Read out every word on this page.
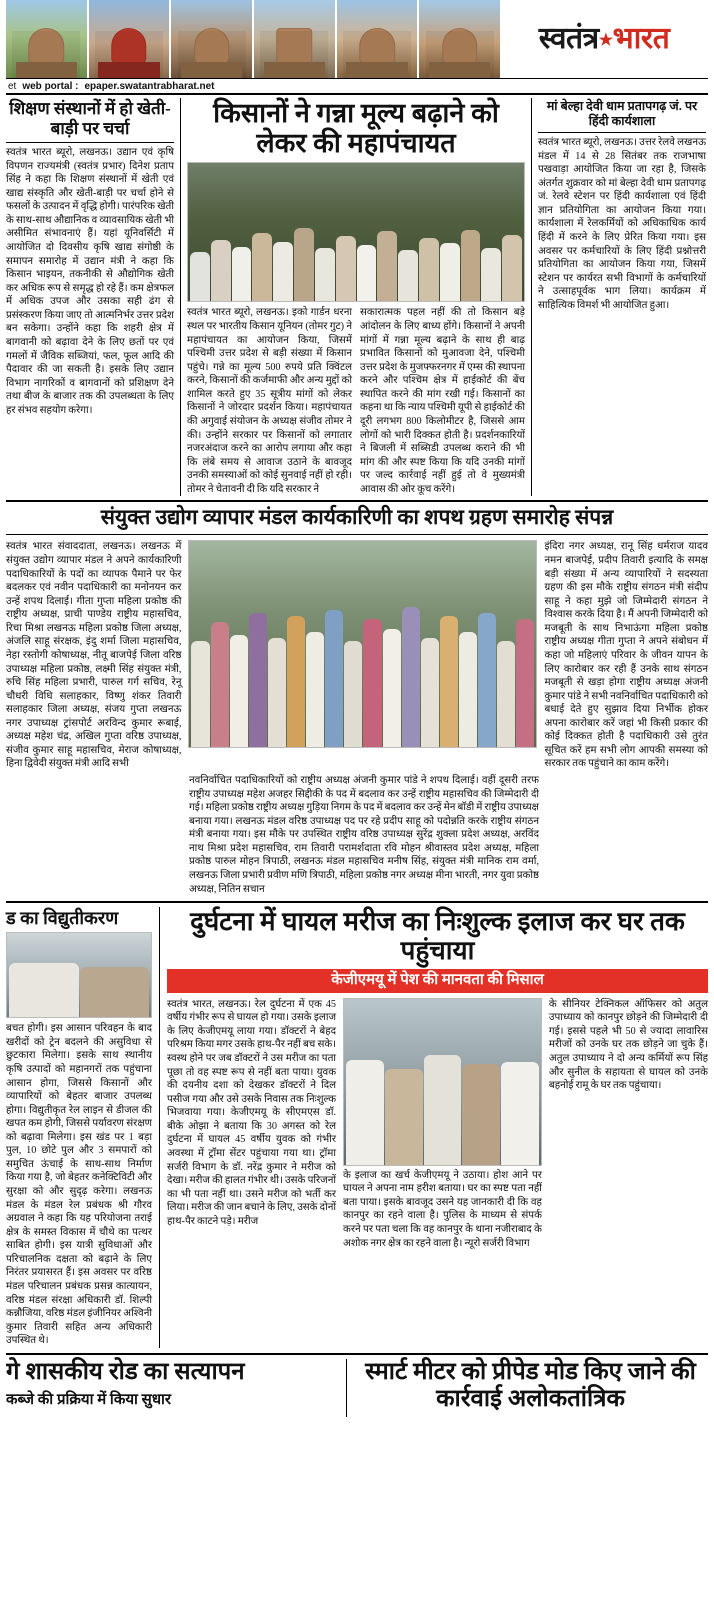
स्वतंत्र★भारत
et web portal : epaper.swatantrabharat.net
शिक्षण संस्थानों में हो खेती-बाड़ी पर चर्चा
स्वतंत्र भारत ब्यूरो, लखनऊ। उद्यान एवं कृषि विपणन राज्यमंत्री (स्वतंत्र प्रभार) दिनेश प्रताप सिंह ने कहा कि शिक्षण संस्थानों में खेती एवं खाद्य संस्कृति और खेती-बाड़ी पर चर्चा होने से फसलों के उत्पादन में वृद्धि होगी। पारंपरिक खेती के साथ-साथ औद्यानिक व व्यावसायिक खेती भी असीमित संभावनाएं हैं। यहां यूनिवर्सिटी में आयोजित दो दिवसीय कृषि खाद्य संगोष्ठी के समापन समारोह में उद्यान मंत्री ने कहा कि किसान भाइयन, तकनीकी से औद्योगिक खेती कर अधिक रूप से समृद्ध हो रहे हैं। कम क्षेत्रफल में अधिक उपज और उसका सही ढंग से प्रसंस्करण किया जाए तो आत्मनिर्भर उत्तर प्रदेश बन सकेगा। उन्होंने कहा कि शहरी क्षेत्र में बागवानी को बढ़ावा देने के लिए छतों पर एवं गमलों में जैविक सब्जियां, फल, फूल आदि की पैदावार की जा सकती है। इसके लिए उद्यान विभाग नागरिकों व बागवानों को प्रशिक्षण देने तथा बीज के बाजार तक की उपलब्धता के लिए हर संभव सहयोग करेगा।
किसानों ने गन्ना मूल्य बढ़ाने को लेकर की महापंचायत
स्वतंत्र भारत ब्यूरो, लखनऊ। इको गार्डन धरना स्थल पर भारतीय किसान यूनियन (तोमर गुट) ने महापंचायत का आयोजन किया, जिसमें पश्चिमी उत्तर प्रदेश से बड़ी संख्या में किसान पहुंचे। गन्ने का मूल्य 500 रुपये प्रति क्विंटल करने, किसानों की कर्जमाफी और अन्य मुद्दों को शामिल करते हुए 35 सूत्रीय मांगों को लेकर किसानों ने जोरदार प्रदर्शन किया। महापंचायत की अगुवाई संयोजन के अध्यक्ष संजीव तोमर ने की। उन्होंने सरकार पर किसानों को लगातार नजरअंदाज करने का आरोप लगाया और कहा कि लंबे समय से आवाज उठाने के बावजूद उनकी समस्याओं को कोई सुनवाई नहीं हो रही। तोमर ने चेतावनी दी कि यदि सरकार ने
सकारात्मक पहल नहीं की तो किसान बड़े आंदोलन के लिए बाध्य होंगे। किसानों ने अपनी मांगों में गन्ना मूल्य बढ़ाने के साथ ही बाढ़ प्रभावित किसानों को मुआवजा देने, पश्चिमी उत्तर प्रदेश के मुजफ्फरनगर में एम्स की स्थापना करने और पश्चिम क्षेत्र में हाईकोर्ट की बेंच स्थापित करने की मांग रखी गई। किसानों का कहना था कि न्याय पश्चिमी यूपी से हाईकोर्ट की दूरी लगभग 800 किलोमीटर है, जिससे आम लोगों को भारी दिक्कत होती है। प्रदर्शनकारियों ने बिजली में सब्सिडी उपलब्ध कराने की भी मांग की और स्पष्ट किया कि यदि उनकी मांगों पर जल्द कार्रवाई नहीं हुई तो वे मुख्यमंत्री आवास की ओर कूच करेंगे।
मां बेल्हा देवी धाम प्रतापगढ़ जं. पर हिंदी कार्यशाला
स्वतंत्र भारत ब्यूरो, लखनऊ। उत्तर रेलवे लखनऊ मंडल में 14 से 28 सितंबर तक राजभाषा पखवाड़ा आयोजित किया जा रहा है, जिसके अंतर्गत शुक्रवार को मां बेल्हा देवी धाम प्रतापगढ़ जं. रेलवे स्टेशन पर हिंदी कार्यशाला एवं हिंदी ज्ञान प्रतियोगिता का आयोजन किया गया। कार्यशाला में रेलकर्मियों को अधिकाधिक कार्य हिंदी में करने के लिए प्रेरित किया गया। इस अवसर पर कर्मचारियों के लिए हिंदी प्रश्नोत्तरी प्रतियोगिता का आयोजन किया गया, जिसमें स्टेशन पर कार्यरत सभी विभागों के कर्मचारियों ने उत्साहपूर्वक भाग लिया। कार्यक्रम में साहित्यिक विमर्श भी आयोजित हुआ।
संयुक्त उद्योग व्यापार मंडल कार्यकारिणी का शपथ ग्रहण समारोह संपन्न
स्वतंत्र भारत संवाददाता, लखनऊ। लखनऊ में संयुक्त उद्योग व्यापार मंडल ने अपने कार्यकारिणी पदाधिकारियों के पदों का व्यापक पैमाने पर फेर बदलकर एवं नवीन पदाधिकारी का मनोनयन कर उन्हें शपथ दिलाई। गीता गुप्ता महिला प्रकोष्ठ की राष्ट्रीय अध्यक्ष, प्राची पाण्डेय राष्ट्रीय महासचिव, रिचा मिश्रा लखनऊ महिला प्रकोष्ठ जिला अध्यक्ष, अंजलि साहू संरक्षक, इंदु शर्मा जिला महासचिव, नेहा रस्तोगी कोषाध्यक्ष, नीतू बाजपेई जिला वरिष्ठ उपाध्यक्ष महिला प्रकोष्ठ, लक्ष्मी सिंह संयुक्त मंत्री, रुचि सिंह महिला प्रभारी, पारुल गर्ग सचिव, रेनू चौधरी विधि सलाहकार, विष्णु शंकर तिवारी सलाहकार जिला अध्यक्ष, संजय गुप्ता लखनऊ नगर उपाध्यक्ष ट्रांसपोर्ट अरविन्द कुमार रूबाई, अध्यक्ष महेश चंद्र, अखिल गुप्ता वरिष्ठ उपाध्यक्ष, संजीव कुमार साहू महासचिव, मेराज कोषाध्यक्ष, हिना द्विवेदी संयुक्त मंत्री आदि सभी
इंदिरा नगर अध्यक्ष, रानू सिंह धर्मराज यादव नमन बाजपेई, प्रदीप तिवारी इत्यादि के समक्ष बड़ी संख्या में अन्य व्यापारियों ने सदस्यता ग्रहण की इस मौके राष्ट्रीय संगठन मंत्री संदीप साहू ने कहा मुझे जो जिम्मेदारी संगठन ने विश्वास करके दिया है। मैं अपनी जिम्मेदारी को मजबूती के साथ निभाऊंगा महिला प्रकोष्ठ राष्ट्रीय अध्यक्ष गीता गुप्ता ने अपने संबोधन में कहा जो महिलाएं परिवार के जीवन यापन के लिए कारोबार कर रही हैं उनके साथ संगठन मजबूती से खड़ा होगा राष्ट्रीय अध्यक्ष अंजनी कुमार पांडे ने सभी नवनिर्वाचित पदाधिकारी को बधाई देते हुए सुझाव दिया निर्भीक होकर अपना कारोबार करें जहां भी किसी प्रकार की कोई दिक्कत होती है पदाधिकारी उसे तुरंत सूचित करें हम सभी लोग आपकी समस्या को सरकार तक पहुंचाने का काम करेंगे।
नवनिर्वाचित पदाधिकारियों को राष्ट्रीय अध्यक्ष अंजनी कुमार पांडे ने शपथ दिलाई। वहीं दूसरी तरफ राष्ट्रीय उपाध्यक्ष महेश अजहर सिद्दीकी के पद में बदलाव कर उन्हें राष्ट्रीय महासचिव की जिम्मेदारी दी गई। महिला प्रकोष्ठ राष्ट्रीय अध्यक्ष गुड़िया निगम के पद में बदलाव कर उन्हें मेन बॉडी में राष्ट्रीय उपाध्यक्ष बनाया गया। लखनऊ मंडल वरिष्ठ उपाध्यक्ष पद पर रहे प्रदीप साहू को पदोन्नति करके राष्ट्रीय संगठन मंत्री बनाया गया। इस मौके पर उपस्थित राष्ट्रीय वरिष्ठ उपाध्यक्ष सुरेंद्र शुक्ला प्रदेश अध्यक्ष, अरविंद नाथ मिश्रा प्रदेश महासचिव, राम तिवारी परामर्शदाता रवि मोहन श्रीवास्तव प्रदेश अध्यक्ष, महिला प्रकोष्ठ पारुल मोहन त्रिपाठी, लखनऊ मंडल महासचिव मनीष सिंह, संयुक्त मंत्री मानिक राम वर्मा, लखनऊ जिला प्रभारी प्रवीण मणि त्रिपाठी, महिला प्रकोष्ठ नगर अध्यक्ष मीना भारती, नगर युवा प्रकोष्ठ अध्यक्ष, नितिन सचान
ड का विद्युतीकरण
बचत होगी। इस आसान परिवहन के बाद खरीदों को ट्रेन बदलने की असुविधा से छुटकारा मिलेगा। इसके साथ स्थानीय कृषि उत्पादों को महानगरों तक पहुंचाना आसान होगा, जिससे किसानों और व्यापारियों को बेहतर बाजार उपलब्ध होगा। विद्युतीकृत रेल लाइन से डीजल की खपत कम होगी, जिससे पर्यावरण संरक्षण को बढ़ावा मिलेगा। इस खंड पर 1 बड़ा पुल, 10 छोटे पुल और 3 समपारों को समुचित ऊंचाई के साथ-साथ निर्माण किया गया है, जो बेहतर कनेक्टिविटी और सुरक्षा को और सुदृढ़ करेगा। लखनऊ मंडल के मंडल रेल प्रबंधक श्री गौरव अग्रवाल ने कहा कि यह परियोजना तराई क्षेत्र के समस्त विकास में चौथे का पत्थर साबित होगी। इस यात्री सुविधाओं और परिचालनिक दक्षता को बढ़ाने के लिए निरंतर प्रयासरत हैं। इस अवसर पर वरिष्ठ मंडल परिचालन प्रबंधक प्रसन्न कात्यायन, वरिष्ठ मंडल संरक्षा अधिकारी डॉ. शिल्पी कन्नौजिया, वरिष्ठ मंडल इंजीनियर अश्विनी कुमार तिवारी सहित अन्य अधिकारी उपस्थित थे।
दुर्घटना में घायल मरीज का निःशुल्क इलाज कर घर तक पहुंचाया
केजीएमयू में पेश की मानवता की मिसाल
स्वतंत्र भारत, लखनऊ। रेल दुर्घटना में एक 45 वर्षीय गंभीर रूप से घायल हो गया। उसके इलाज के लिए केजीएमयू लाया गया। डॉक्टरों ने बेहद परिश्रम किया मगर उसके हाथ-पैर नहीं बच सके। स्वस्थ होने पर जब डॉक्टरों ने उस मरीज का पता पूछा तो वह स्पष्ट रूप से नहीं बता पाया। युवक की दयनीय दशा को देखकर डॉक्टरों ने दिल पसीज गया और उसे उसके निवास तक निःशुल्क भिजवाया गया। केजीएमयू के सीएमएस डॉ. बीके ओझा ने बताया कि 30 अगस्त को रेल दुर्घटना में घायल 45 वर्षीय युवक को गंभीर अवस्था में ट्रॉमा सेंटर पहुंचाया गया था। ट्रॉमा सर्जरी विभाग के डॉ. नरेंद्र कुमार ने मरीज को देखा। मरीज की हालत गंभीर थी। उसके परिजनों का भी पता नहीं था। उसने मरीज को भर्ती कर लिया। मरीज की जान बचाने के लिए, उसके दोनों हाथ-पैर काटने पड़े। मरीज
के इलाज का खर्च केजीएमयू ने उठाया। होश आने पर घायल ने अपना नाम हरीश बताया। घर का स्पष्ट पता नहीं बता पाया। इसके बावजूद उसने यह जानकारी दी कि वह कानपुर का रहने वाला है। पुलिस के माध्यम से संपर्क करने पर पता चला कि वह कानपुर के थाना नजीराबाद के अशोक नगर क्षेत्र का रहने वाला है। न्यूरो सर्जरी विभाग
के सीनियर टेक्निकल ऑफिसर को अतुल उपाध्याय को कानपुर छोड़ने की जिम्मेदारी दी गई। इससे पहले भी 50 से ज्यादा लावारिस मरीजों को उनके घर तक छोड़ने जा चुके हैं। अतुल उपाध्याय ने दो अन्य कर्मियों रूप सिंह और सुनील के सहायता से घायल को उनके बहनोई रामू के घर तक पहुंचाया।
गे शासकीय रोड का सत्यापन
कब्जे की प्रक्रिया में किया सुधार
स्मार्ट मीटर को प्रीपेड मोड किए जाने की कार्रवाई अलोकतांत्रिक
